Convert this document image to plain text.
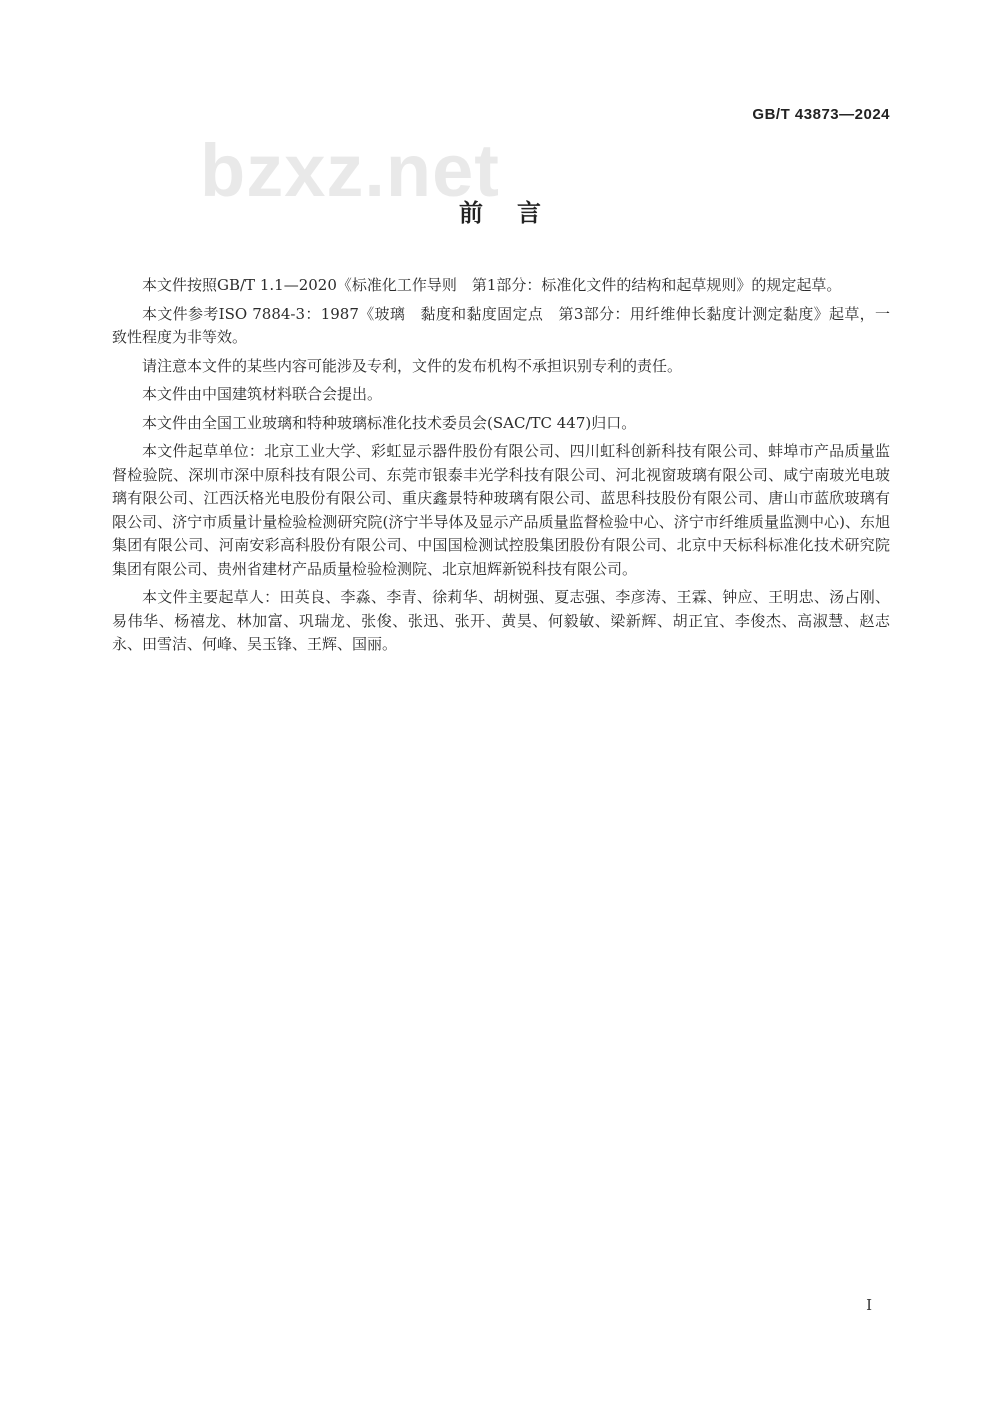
GB/T 43873—2024
bzxz.net
前言

本文件按照GB/T 1.1—2020《标准化工作导则　第1部分：标准化文件的结构和起草规则》的规定起草。

本文件参考ISO 7884-3：1987《玻璃　黏度和黏度固定点　第3部分：用纤维伸长黏度计测定黏度》起草，一致性程度为非等效。

请注意本文件的某些内容可能涉及专利，文件的发布机构不承担识别专利的责任。

本文件由中国建筑材料联合会提出。

本文件由全国工业玻璃和特种玻璃标准化技术委员会(SAC/TC 447)归口。

本文件起草单位：北京工业大学、彩虹显示器件股份有限公司、四川虹科创新科技有限公司、蚌埠市产品质量监督检验院、深圳市深中原科技有限公司、东莞市银泰丰光学科技有限公司、河北视窗玻璃有限公司、咸宁南玻光电玻璃有限公司、江西沃格光电股份有限公司、重庆鑫景特种玻璃有限公司、蓝思科技股份有限公司、唐山市蓝欣玻璃有限公司、济宁市质量计量检验检测研究院(济宁半导体及显示产品质量监督检验中心、济宁市纤维质量监测中心)、东旭集团有限公司、河南安彩高科股份有限公司、中国国检测试控股集团股份有限公司、北京中天标科标准化技术研究院集团有限公司、贵州省建材产品质量检验检测院、北京旭辉新锐科技有限公司。

本文件主要起草人：田英良、李淼、李青、徐莉华、胡树强、夏志强、李彦涛、王霖、钟应、王明忠、汤占刚、易伟华、杨禧龙、林加富、巩瑞龙、张俊、张迅、张开、黄昊、何毅敏、梁新辉、胡正宜、李俊杰、高淑慧、赵志永、田雪洁、何峰、吴玉锋、王辉、国丽。

Ⅰ
